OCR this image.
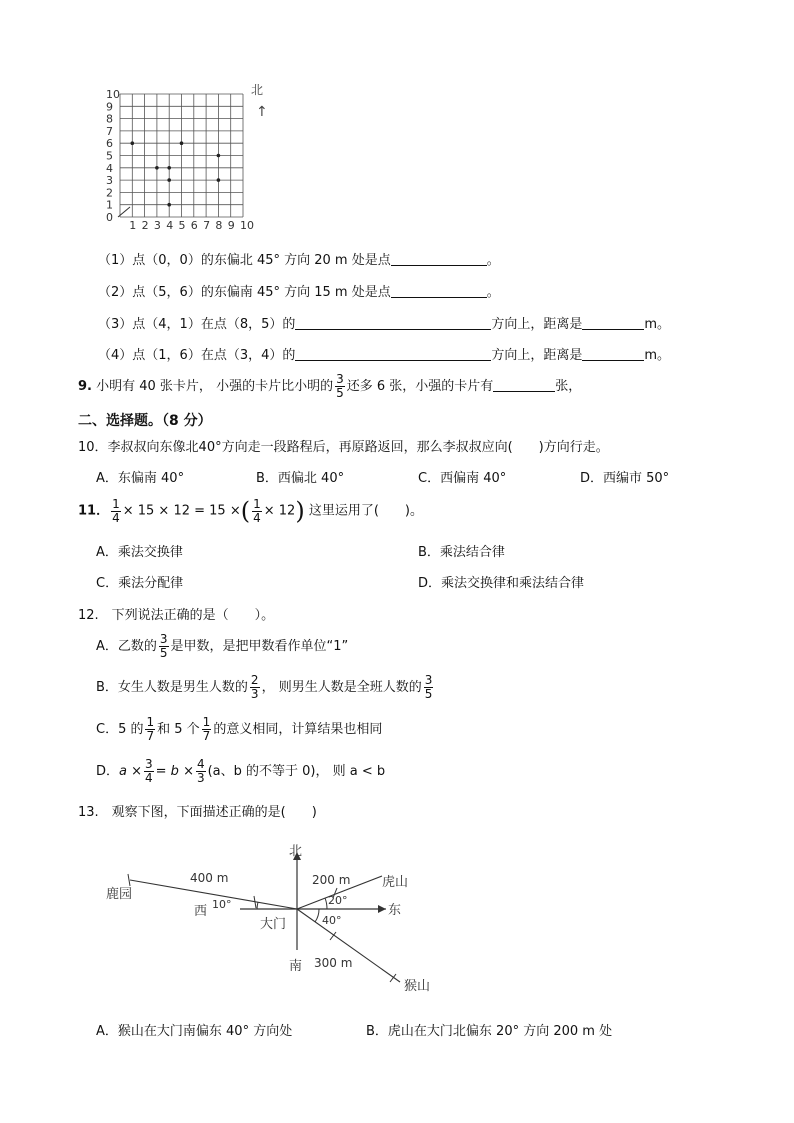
0
1
2
3
4
5
6
7
8
9
10
1 2 3 4 5 6 7 8 9 10
北
↑
（1）点（0，0）的东偏北 45° 方向 20 m 处是点	。
（2）点（5，6）的东偏南 45° 方向 15 m 处是点	。
（3）点（4，1）在点（8，5）的	方向上，距离是	m。
（4）点（1，6）在点（3，4）的	方向上，距离是	m。
9. 小明有 40 张卡片， 小强的卡片比小明的 $\frac{3}{5}$ 还多 6 张，小强的卡片有	张，
二、选择题。（8 分）
10．李叔叔向东像北40°方向走一段路程后，再原路返回，那么李叔叔应向(　　)方向行走。
A．东偏南 40°	B．西偏北 40°	C．西偏南 40°	D．西编市 50°
11． $\frac{1}{4} \times 15 \times 12 = 15$ ×( $\frac{1}{4} \times 12$) 这里运用了(　　)。
A．乘法交换律	B．乘法结合律
C．乘法分配律	D．乘法交换律和乘法结合律
12.　下列说法正确的是（　　）。
A．乙数的 $\frac{3}{5}$ 是甲数，是把甲数看作单位“1”
B．女生人数是男生人数的 $\frac{2}{3}$ ， 则男生人数是全班人数的 $\frac{3}{5}$
C．5 的 $\frac{1}{7}$ 和 5 个 $\frac{1}{7}$ 的意义相同，计算结果也相同
D．$a \times \frac{3}{4} = b \times \frac{4}{3} (a$、b 的不等于 0)， 则 a < b
13.　观察下图，下面描述正确的是(　　)
北
南
东
西
大门
鹿园
虎山
猴山
400 m	200 m
300 m
10°	20°
40°
A．猴山在大门南偏东 40° 方向处	B．虎山在大门北偏东 20° 方向 200 m 处
